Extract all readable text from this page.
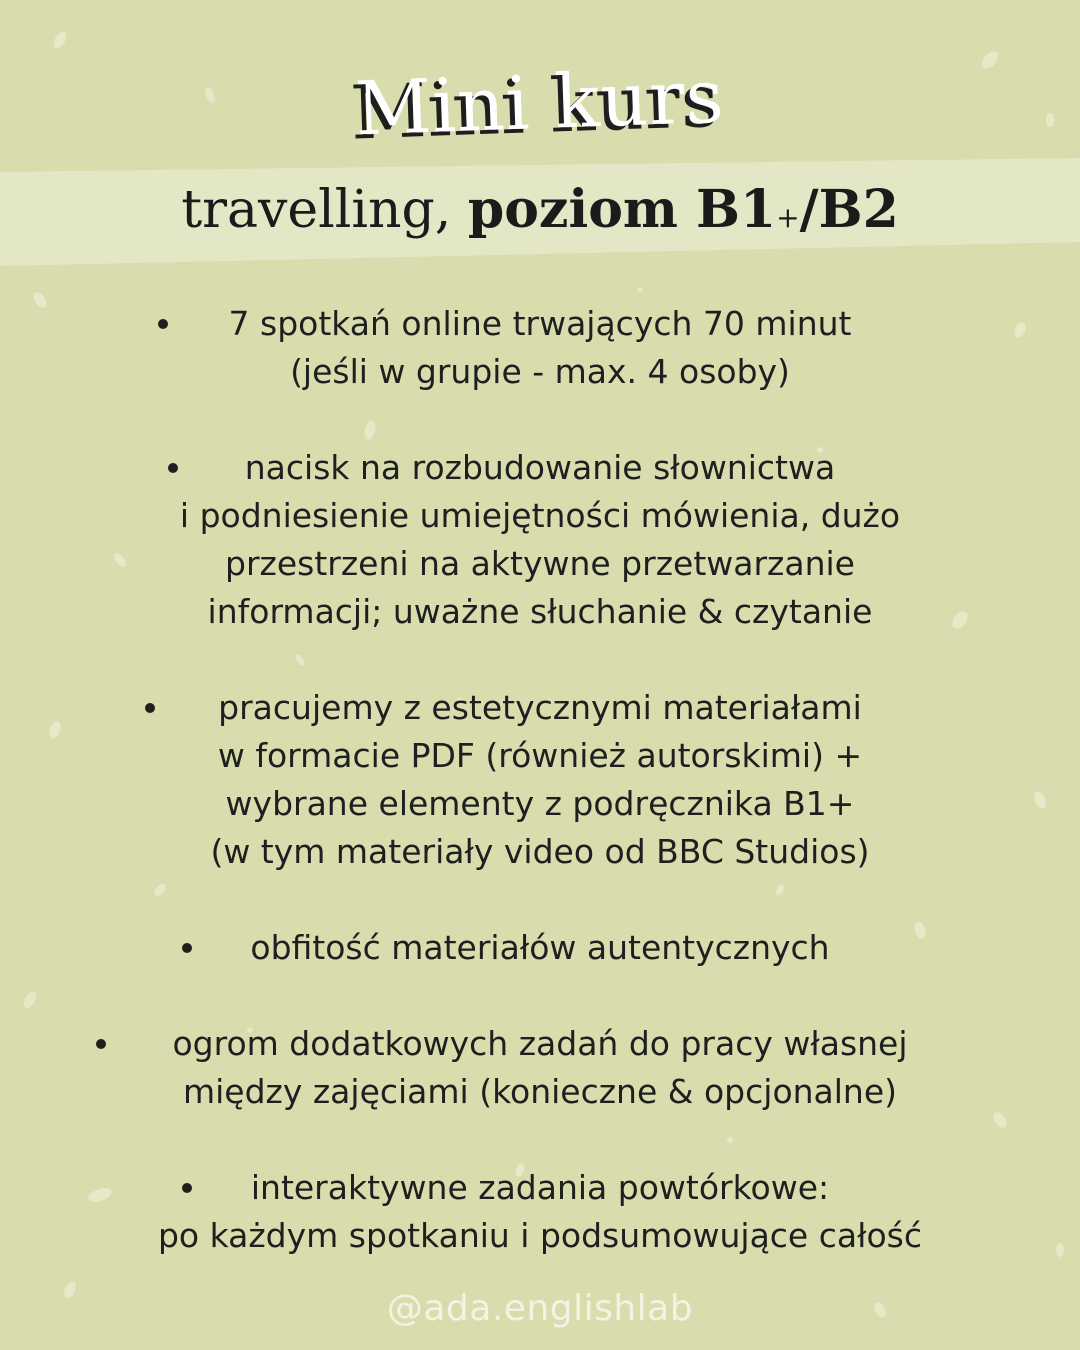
Mini kurs
travelling, poziom B1+/B2
7 spotkań online trwających 70 minut
(jeśli w grupie - max. 4 osoby)
nacisk na rozbudowanie słownictwa
i podniesienie umiejętności mówienia, dużo
przestrzeni na aktywne przetwarzanie
informacji; uważne słuchanie & czytanie
pracujemy z estetycznymi materiałami
w formacie PDF (również autorskimi) +
wybrane elementy z podręcznika B1+
(w tym materiały video od BBC Studios)
obfitość materiałów autentycznych
ogrom dodatkowych zadań do pracy własnej
między zajęciami (konieczne & opcjonalne)
interaktywne zadania powtórkowe:
po każdym spotkaniu i podsumowujące całość
@ada.englishlab
